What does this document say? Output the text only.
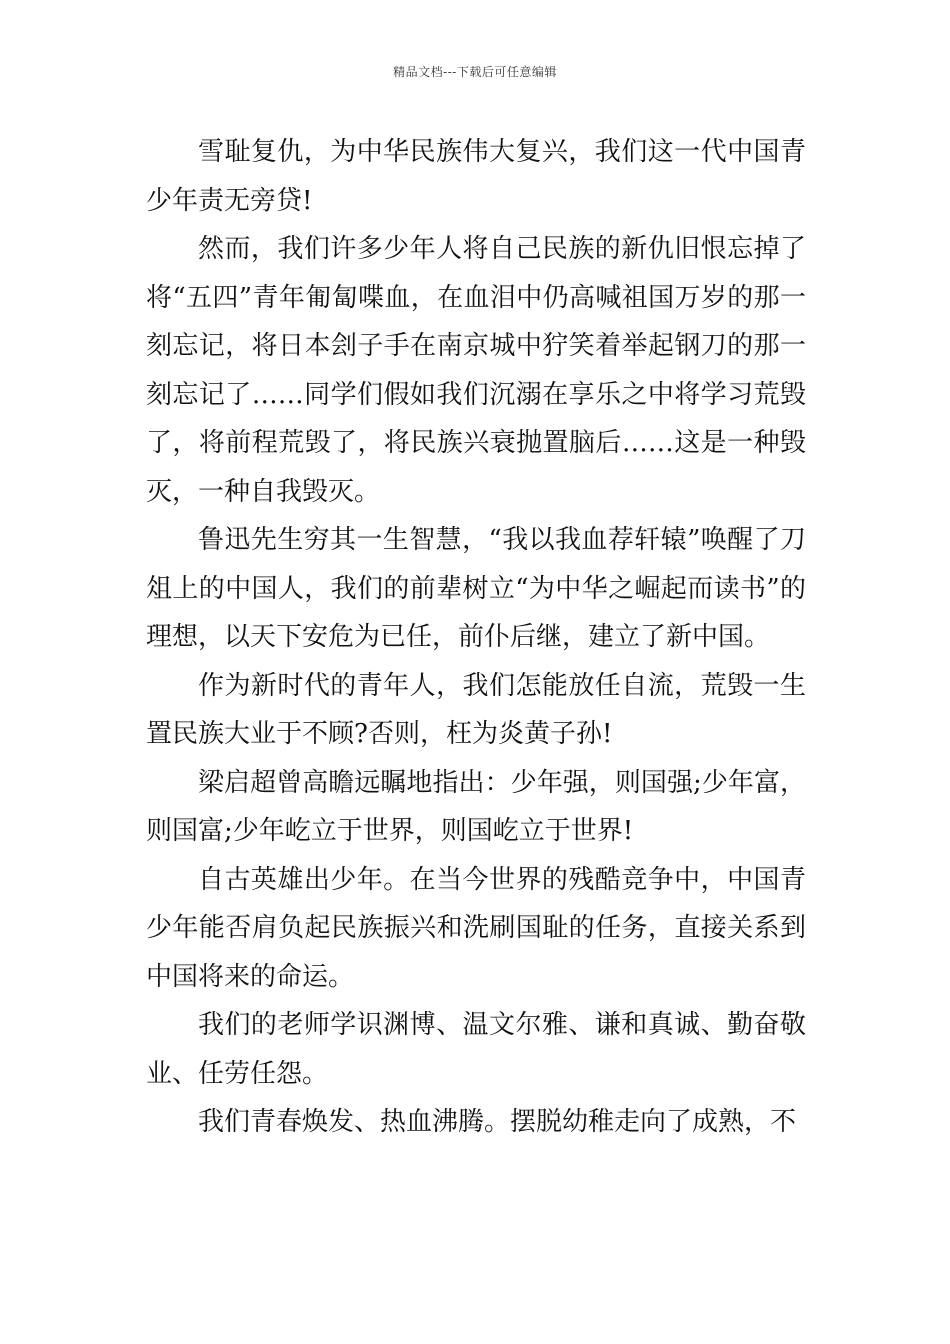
精品文档---下载后可任意编辑

雪耻复仇，为中华民族伟大复兴，我们这一代中国青少年责无旁贷!

然而，我们许多少年人将自己民族的新仇旧恨忘掉了将“五四”青年匍匐喋血，在血泪中仍高喊祖国万岁的那一刻忘记，将日本刽子手在南京城中狞笑着举起钢刀的那一刻忘记了……同学们假如我们沉溺在享乐之中将学习荒毁了，将前程荒毁了，将民族兴衰抛置脑后……这是一种毁灭，一种自我毁灭。

鲁迅先生穷其一生智慧，“我以我血荐轩辕”唤醒了刀俎上的中国人，我们的前辈树立“为中华之崛起而读书”的理想，以天下安危为已任，前仆后继，建立了新中国。

作为新时代的青年人，我们怎能放任自流，荒毁一生置民族大业于不顾?否则，枉为炎黄子孙!

梁启超曾高瞻远瞩地指出：少年强，则国强;少年富，则国富;少年屹立于世界，则国屹立于世界!

自古英雄出少年。在当今世界的残酷竞争中，中国青少年能否肩负起民族振兴和洗刷国耻的任务，直接关系到中国将来的命运。

我们的老师学识渊博、温文尔雅、谦和真诚、勤奋敬业、任劳任怨。

我们青春焕发、热血沸腾。摆脱幼稚走向了成熟，不
